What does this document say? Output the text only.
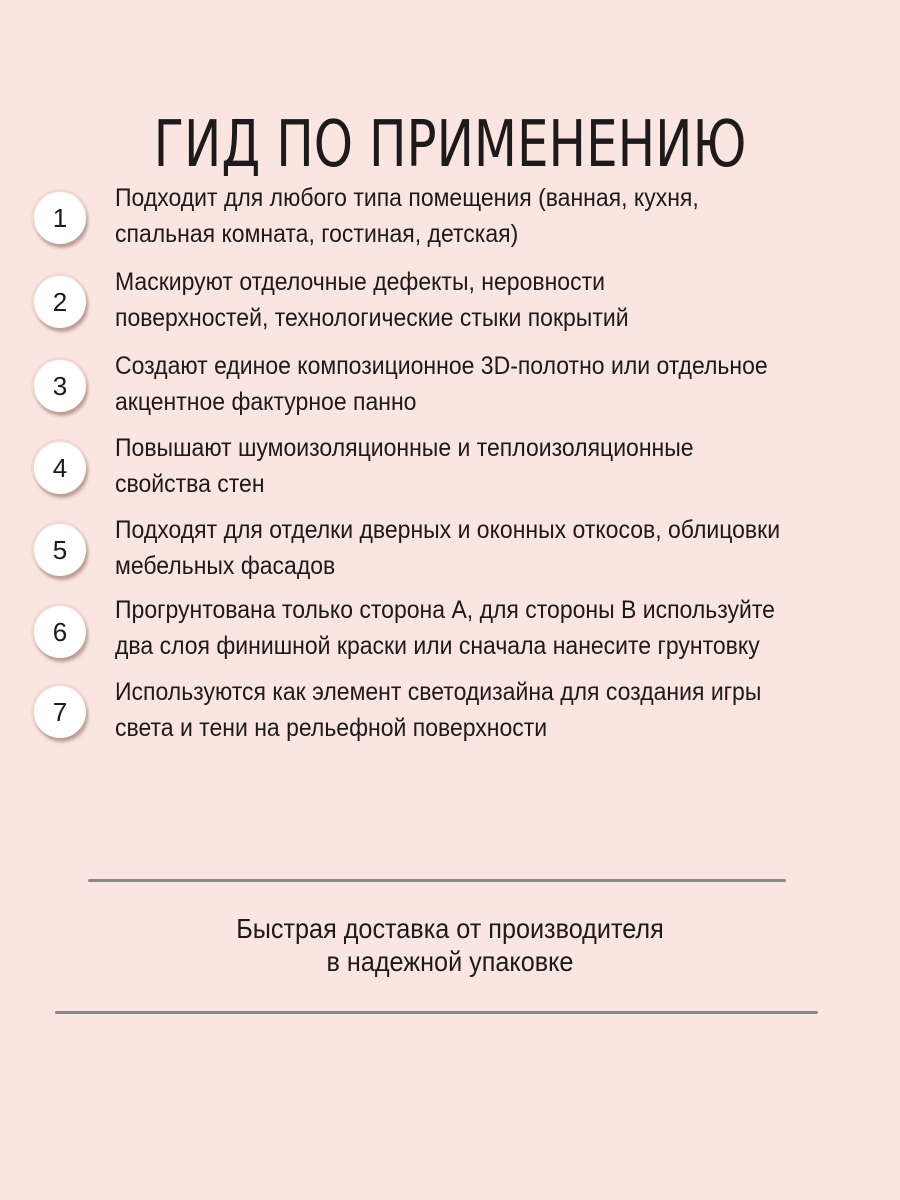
ГИД ПО ПРИМЕНЕНИЮ
1
Подходит для любого типа помещения (ванная, кухня,
спальная комната, гостиная, детская)
2
Маскируют отделочные дефекты, неровности
поверхностей, технологические стыки покрытий
3
Создают единое композиционное 3D-полотно или отдельное
акцентное фактурное панно
4
Повышают шумоизоляционные и теплоизоляционные
свойства стен
5
Подходят для отделки дверных и оконных откосов, облицовки
мебельных фасадов
6
Прогрунтована только сторона А, для стороны В используйте
два слоя финишной краски или сначала нанесите грунтовку
7
Используются как элемент светодизайна для создания игры
света и тени на рельефной поверхности
Быстрая доставка от производителя
в надежной упаковке
